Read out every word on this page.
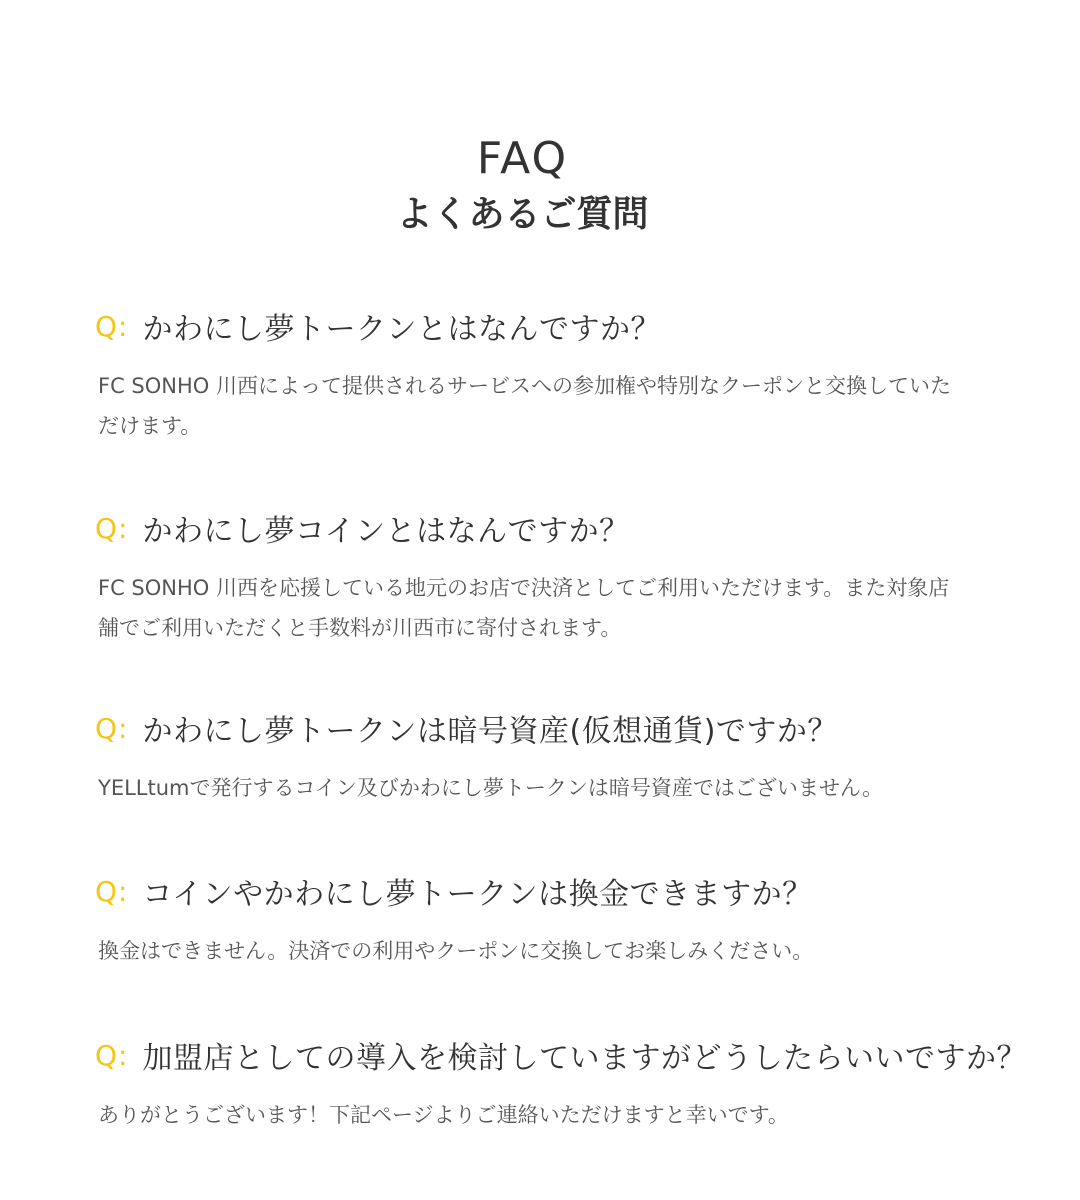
FAQ
よくあるご質問
Q: かわにし夢トークンとはなんですか？

FC SONHO 川西によって提供されるサービスへの参加権や特別なクーポンと交換していただけます。

Q: かわにし夢コインとはなんですか？

FC SONHO 川西を応援している地元のお店で決済としてご利用いただけます。また対象店舗でご利用いただくと手数料が川西市に寄付されます。

Q: かわにし夢トークンは暗号資産(仮想通貨)ですか？

YELLtumで発行するコイン及びかわにし夢トークンは暗号資産ではございません。

Q: コインやかわにし夢トークンは換金できますか？

換金はできません。決済での利用やクーポンに交換してお楽しみください。

Q: 加盟店としての導入を検討していますがどうしたらいいですか？

ありがとうございます！下記ページよりご連絡いただけますと幸いです。
